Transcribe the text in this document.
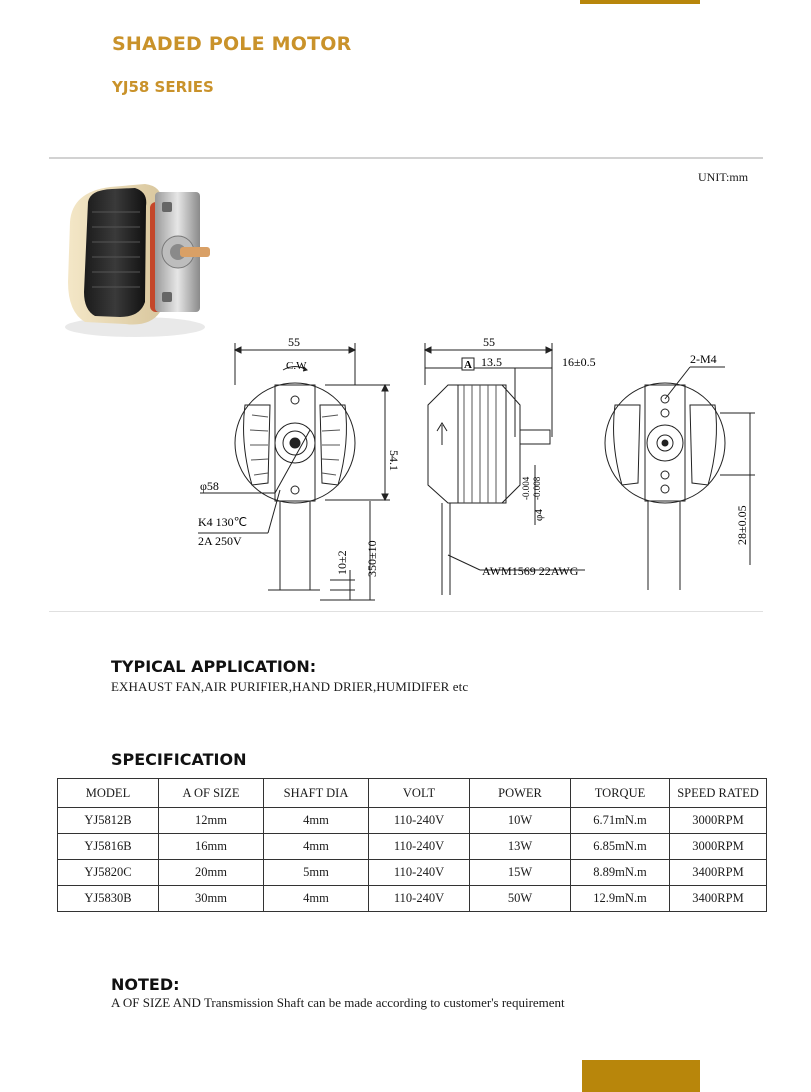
SHADED POLE MOTOR
YJ58 SERIES
UNIT:mm
55
C.W
54.1
φ58
K4 130℃
2A 250V
10±2 350±10
55
A 13.5	16±0.5
φ4
-0.004 -0.008
AWM1569 22AWG
2-M4
28±0.05
TYPICAL APPLICATION:
EXHAUST FAN,AIR PURIFIER,HAND DRIER,HUMIDIFER etc
SPECIFICATION
MODEL	A OF SIZE	SHAFT DIA	VOLT	POWER	TORQUE	SPEED RATED
YJ5812B	12mm	4mm	110-240V	10W	6.71mN.m	3000RPM
YJ5816B	16mm	4mm	110-240V	13W	6.85mN.m	3000RPM
YJ5820C	20mm	5mm	110-240V	15W	8.89mN.m	3400RPM
YJ5830B	30mm	4mm	110-240V	50W	12.9mN.m	3400RPM
NOTED:
A OF SIZE AND Transmission Shaft can be made according to customer's requirement
